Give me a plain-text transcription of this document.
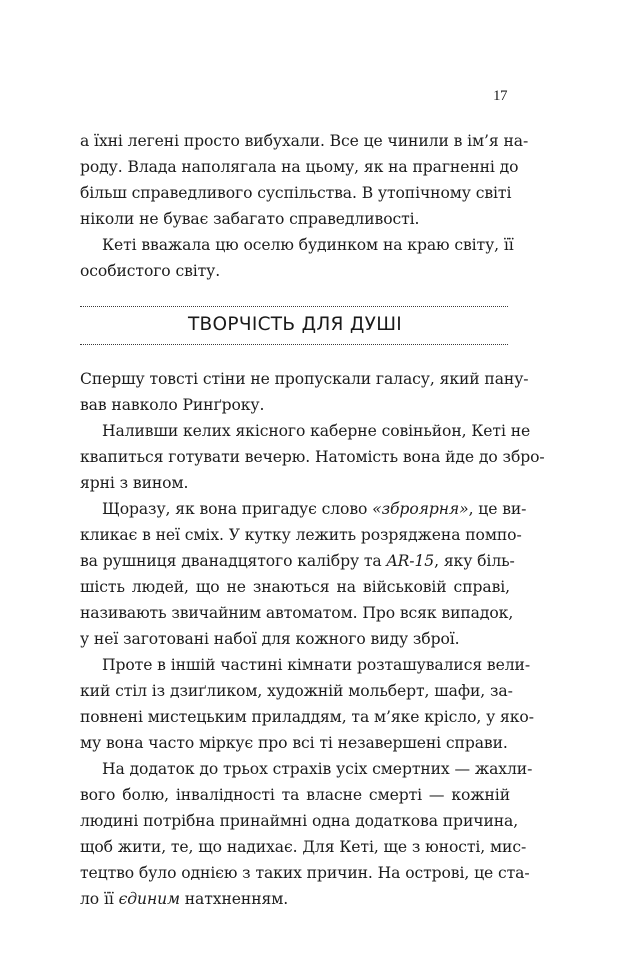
17
а їхні легені просто вибухали. Все це чинили в ім’я на-
роду. Влада наполягала на цьому, як на прагненні до
більш справедливого суспільства. В утопічному світі
ніколи не буває забагато справедливості.
Кеті вважала цю оселю будинком на краю світу, її
особистого світу.
ТВОРЧІСТЬ ДЛЯ ДУШІ
Спершу товсті стіни не пропускали галасу, який пану-
вав навколо Ринґроку.
Наливши келих якісного каберне совіньйон, Кеті не
квапиться готувати вечерю. Натомість вона йде до збро-
ярні з вином.
Щоразу, як вона пригадує слово «зброярня», це ви-
кликає в неї сміх. У кутку лежить розряджена помпо-
ва рушниця дванадцятого калібру та AR-15, яку біль-
шість людей, що не знаються на військовій справі,
називають звичайним автоматом. Про всяк випадок,
у неї заготовані набої для кожного виду зброї.
Проте в іншій частині кімнати розташувалися вели-
кий стіл із дзиґликом, художній мольберт, шафи, за-
повнені мистецьким приладдям, та м’яке крісло, у яко-
му вона часто міркує про всі ті незавершені справи.
На додаток до трьох страхів усіх смертних — жахли-
вого болю, інвалідності та власне смерті — кожній
людині потрібна принаймні одна додаткова причина,
щоб жити, те, що надихає. Для Кеті, ще з юності, мис-
тецтво було однією з таких причин. На острові, це ста-
ло її єдиним натхненням.
